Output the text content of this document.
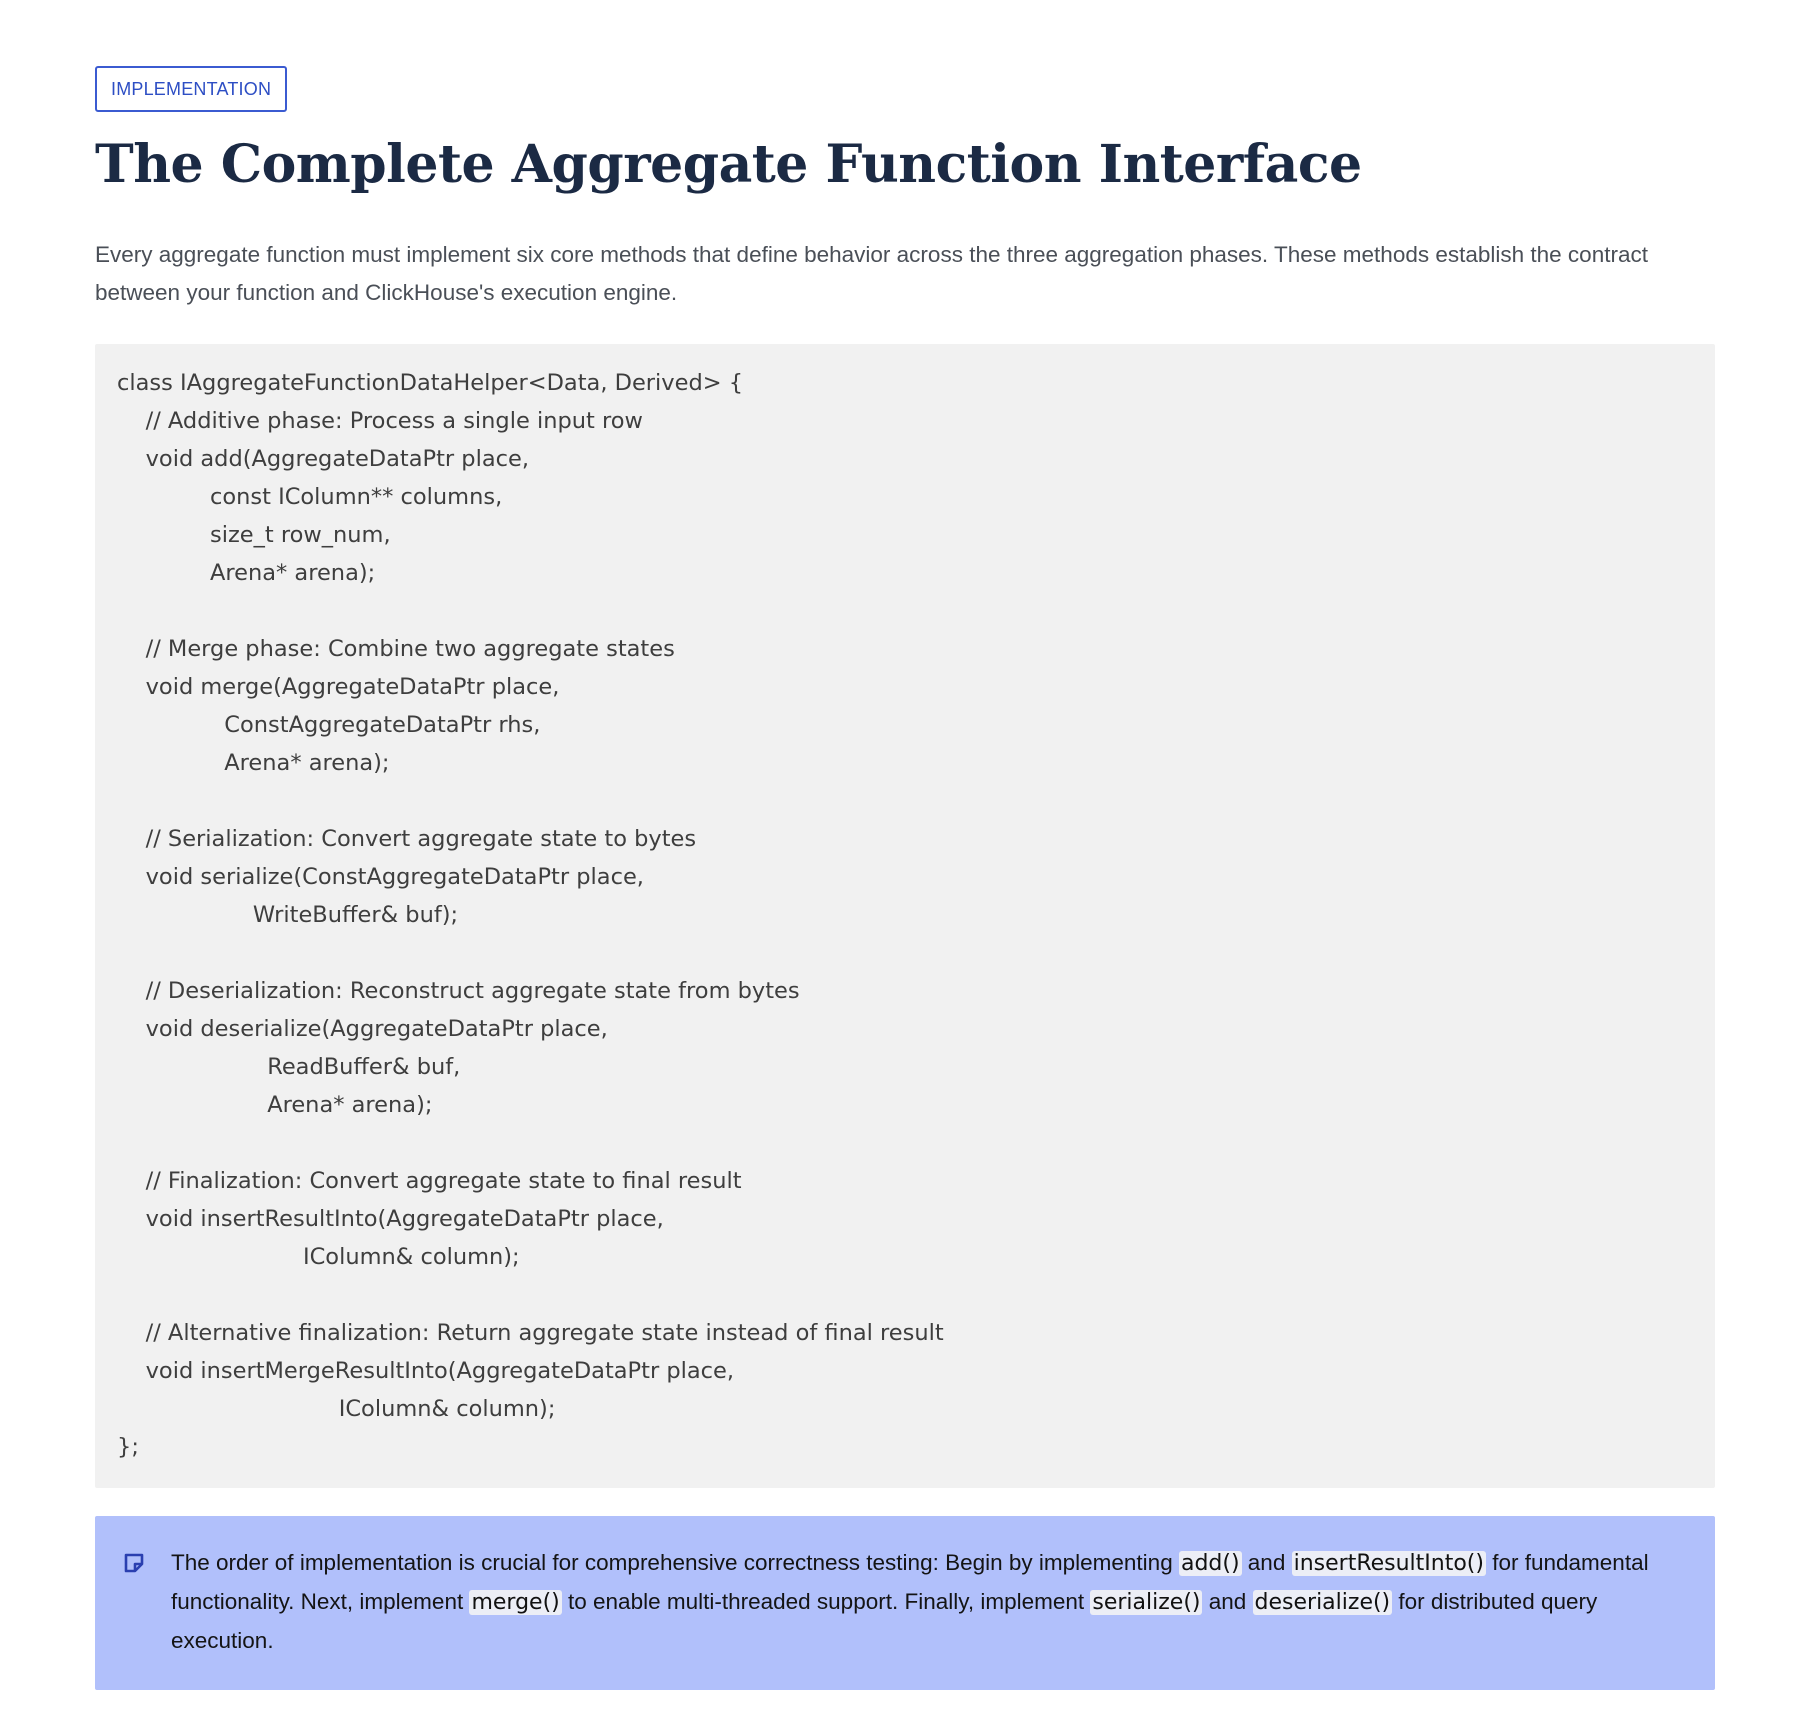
IMPLEMENTATION
The Complete Aggregate Function Interface

Every aggregate function must implement six core methods that define behavior across the three aggregation phases. These methods establish the contract between your function and ClickHouse's execution engine.

class IAggregateFunctionDataHelper<Data, Derived> {
// Additive phase: Process a single input row
void add(AggregateDataPtr place,
const IColumn** columns,
size_t row_num,
Arena* arena);
// Merge phase: Combine two aggregate states
void merge(AggregateDataPtr place,
ConstAggregateDataPtr rhs,
Arena* arena);
// Serialization: Convert aggregate state to bytes
void serialize(ConstAggregateDataPtr place,
WriteBuffer& buf);
// Deserialization: Reconstruct aggregate state from bytes
void deserialize(AggregateDataPtr place,
ReadBuffer& buf,
Arena* arena);
// Finalization: Convert aggregate state to final result
void insertResultInto(AggregateDataPtr place,
IColumn& column);
// Alternative finalization: Return aggregate state instead of final result
void insertMergeResultInto(AggregateDataPtr place,
IColumn& column);
};
The order of implementation is crucial for comprehensive correctness testing: Begin by implementing add() and insertResultInto() for fundamental functionality. Next, implement merge() to enable multi-threaded support. Finally, implement serialize() and deserialize() for distributed query execution.
